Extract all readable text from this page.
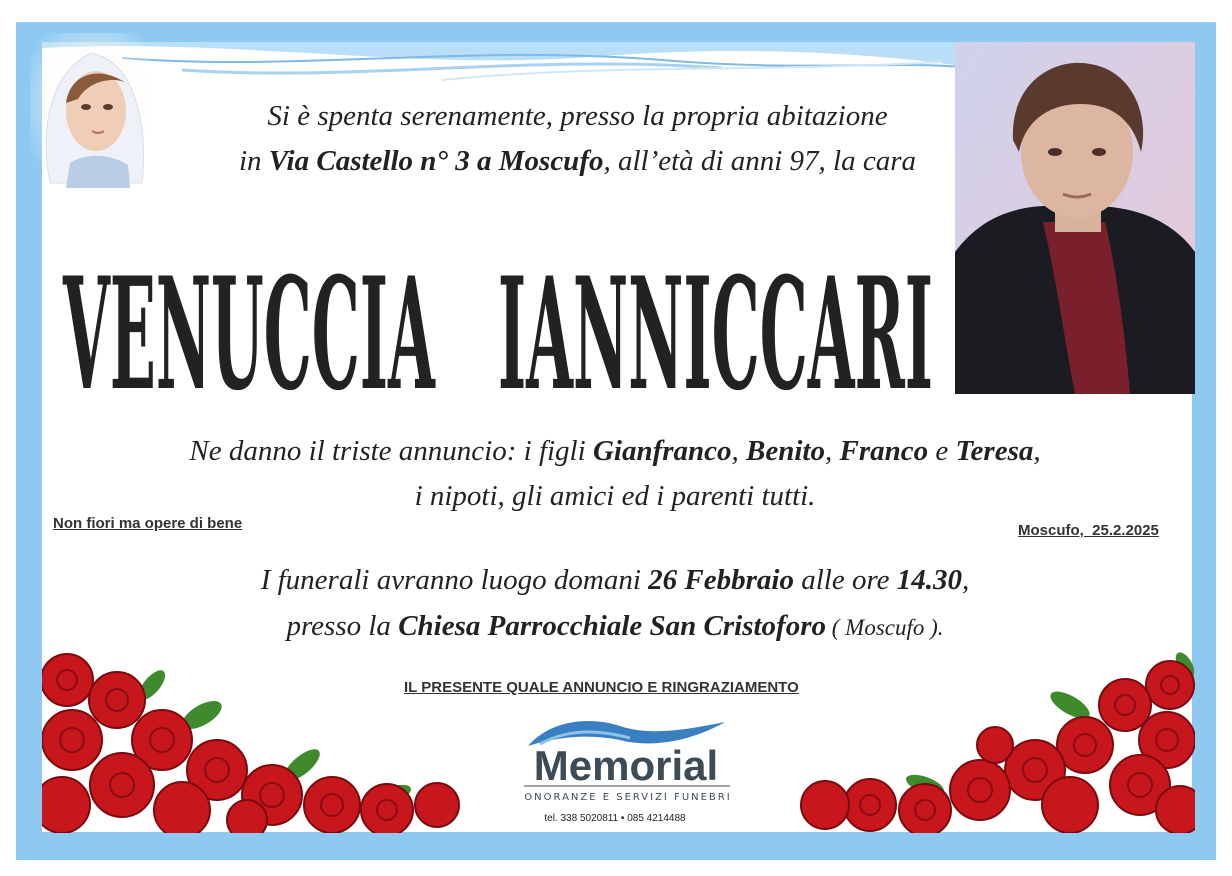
Si è spenta serenamente, presso la propria abitazione
in Via Castello n° 3 a Moscufo, all’età di anni 97, la cara
VENUCCIA   IANNICCARI
Ne danno il triste annuncio: i figli Gianfranco, Benito, Franco e Teresa,
i nipoti, gli amici ed i parenti tutti.
Non fiori ma opere di bene	Moscufo,  25.2.2025
I funerali avranno luogo domani 26 Febbraio alle ore 14.30,
presso la Chiesa Parrocchiale San Cristoforo ( Moscufo ).
IL PRESENTE QUALE ANNUNCIO E RINGRAZIAMENTO
Memorial
ONORANZE E SERVIZI FUNEBRI
tel. 338 5020811 • 085 4214488
